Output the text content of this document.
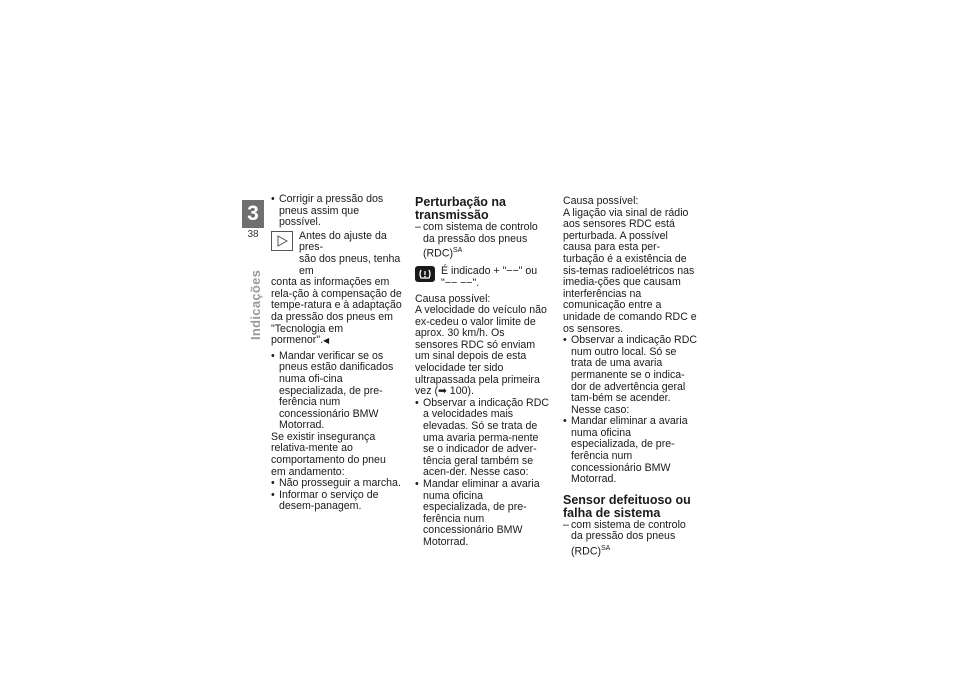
3
38
Indicações
• Corrigir a pressão dos pneus assim que possível.

Antes do ajuste da pres-

são dos pneus, tenha em

conta as informações em rela-ção à compensação de tempe-ratura e à adaptação da pressão dos pneus em "Tecnologia em pormenor".◀

• Mandar verificar se os pneus estão danificados numa ofi-cina especializada, de pre-ferência num concessionário BMW Motorrad.

Se existir insegurança relativa-mente ao comportamento do pneu em andamento:

• Não prosseguir a marcha.
• Informar o serviço de desem-panagem.

Perturbação na transmissão

– com sistema de controlo da pressão dos pneus (RDC)$^{SA}$

É indicado + "−−" ou "−− −−".

Causa possível:

A velocidade do veículo não ex-cedeu o valor limite de aprox. 30 km/h. Os sensores RDC só enviam um sinal depois de esta velocidade ter sido ultrapassada pela primeira vez (➡ 100).

• Observar a indicação RDC a velocidades mais elevadas. Só se trata de uma avaria perma-nente se o indicador de adver-tência geral também se acen-der. Nesse caso:
• Mandar eliminar a avaria numa oficina especializada, de pre-ferência num concessionário BMW Motorrad.

Causa possível:

A ligação via sinal de rádio aos sensores RDC está perturbada. A possível causa para esta per-turbação é a existência de sis-temas radioelétricos nas imedia-ções que causam interferências na comunicação entre a unidade de comando RDC e os sensores.

• Observar a indicação RDC num outro local. Só se trata de uma avaria permanente se o indica-dor de advertência geral tam-bém se acender. Nesse caso:
• Mandar eliminar a avaria numa oficina especializada, de pre-ferência num concessionário BMW Motorrad.

Sensor defeituoso ou falha de sistema

– com sistema de controlo da pressão dos pneus (RDC)$^{SA}$
